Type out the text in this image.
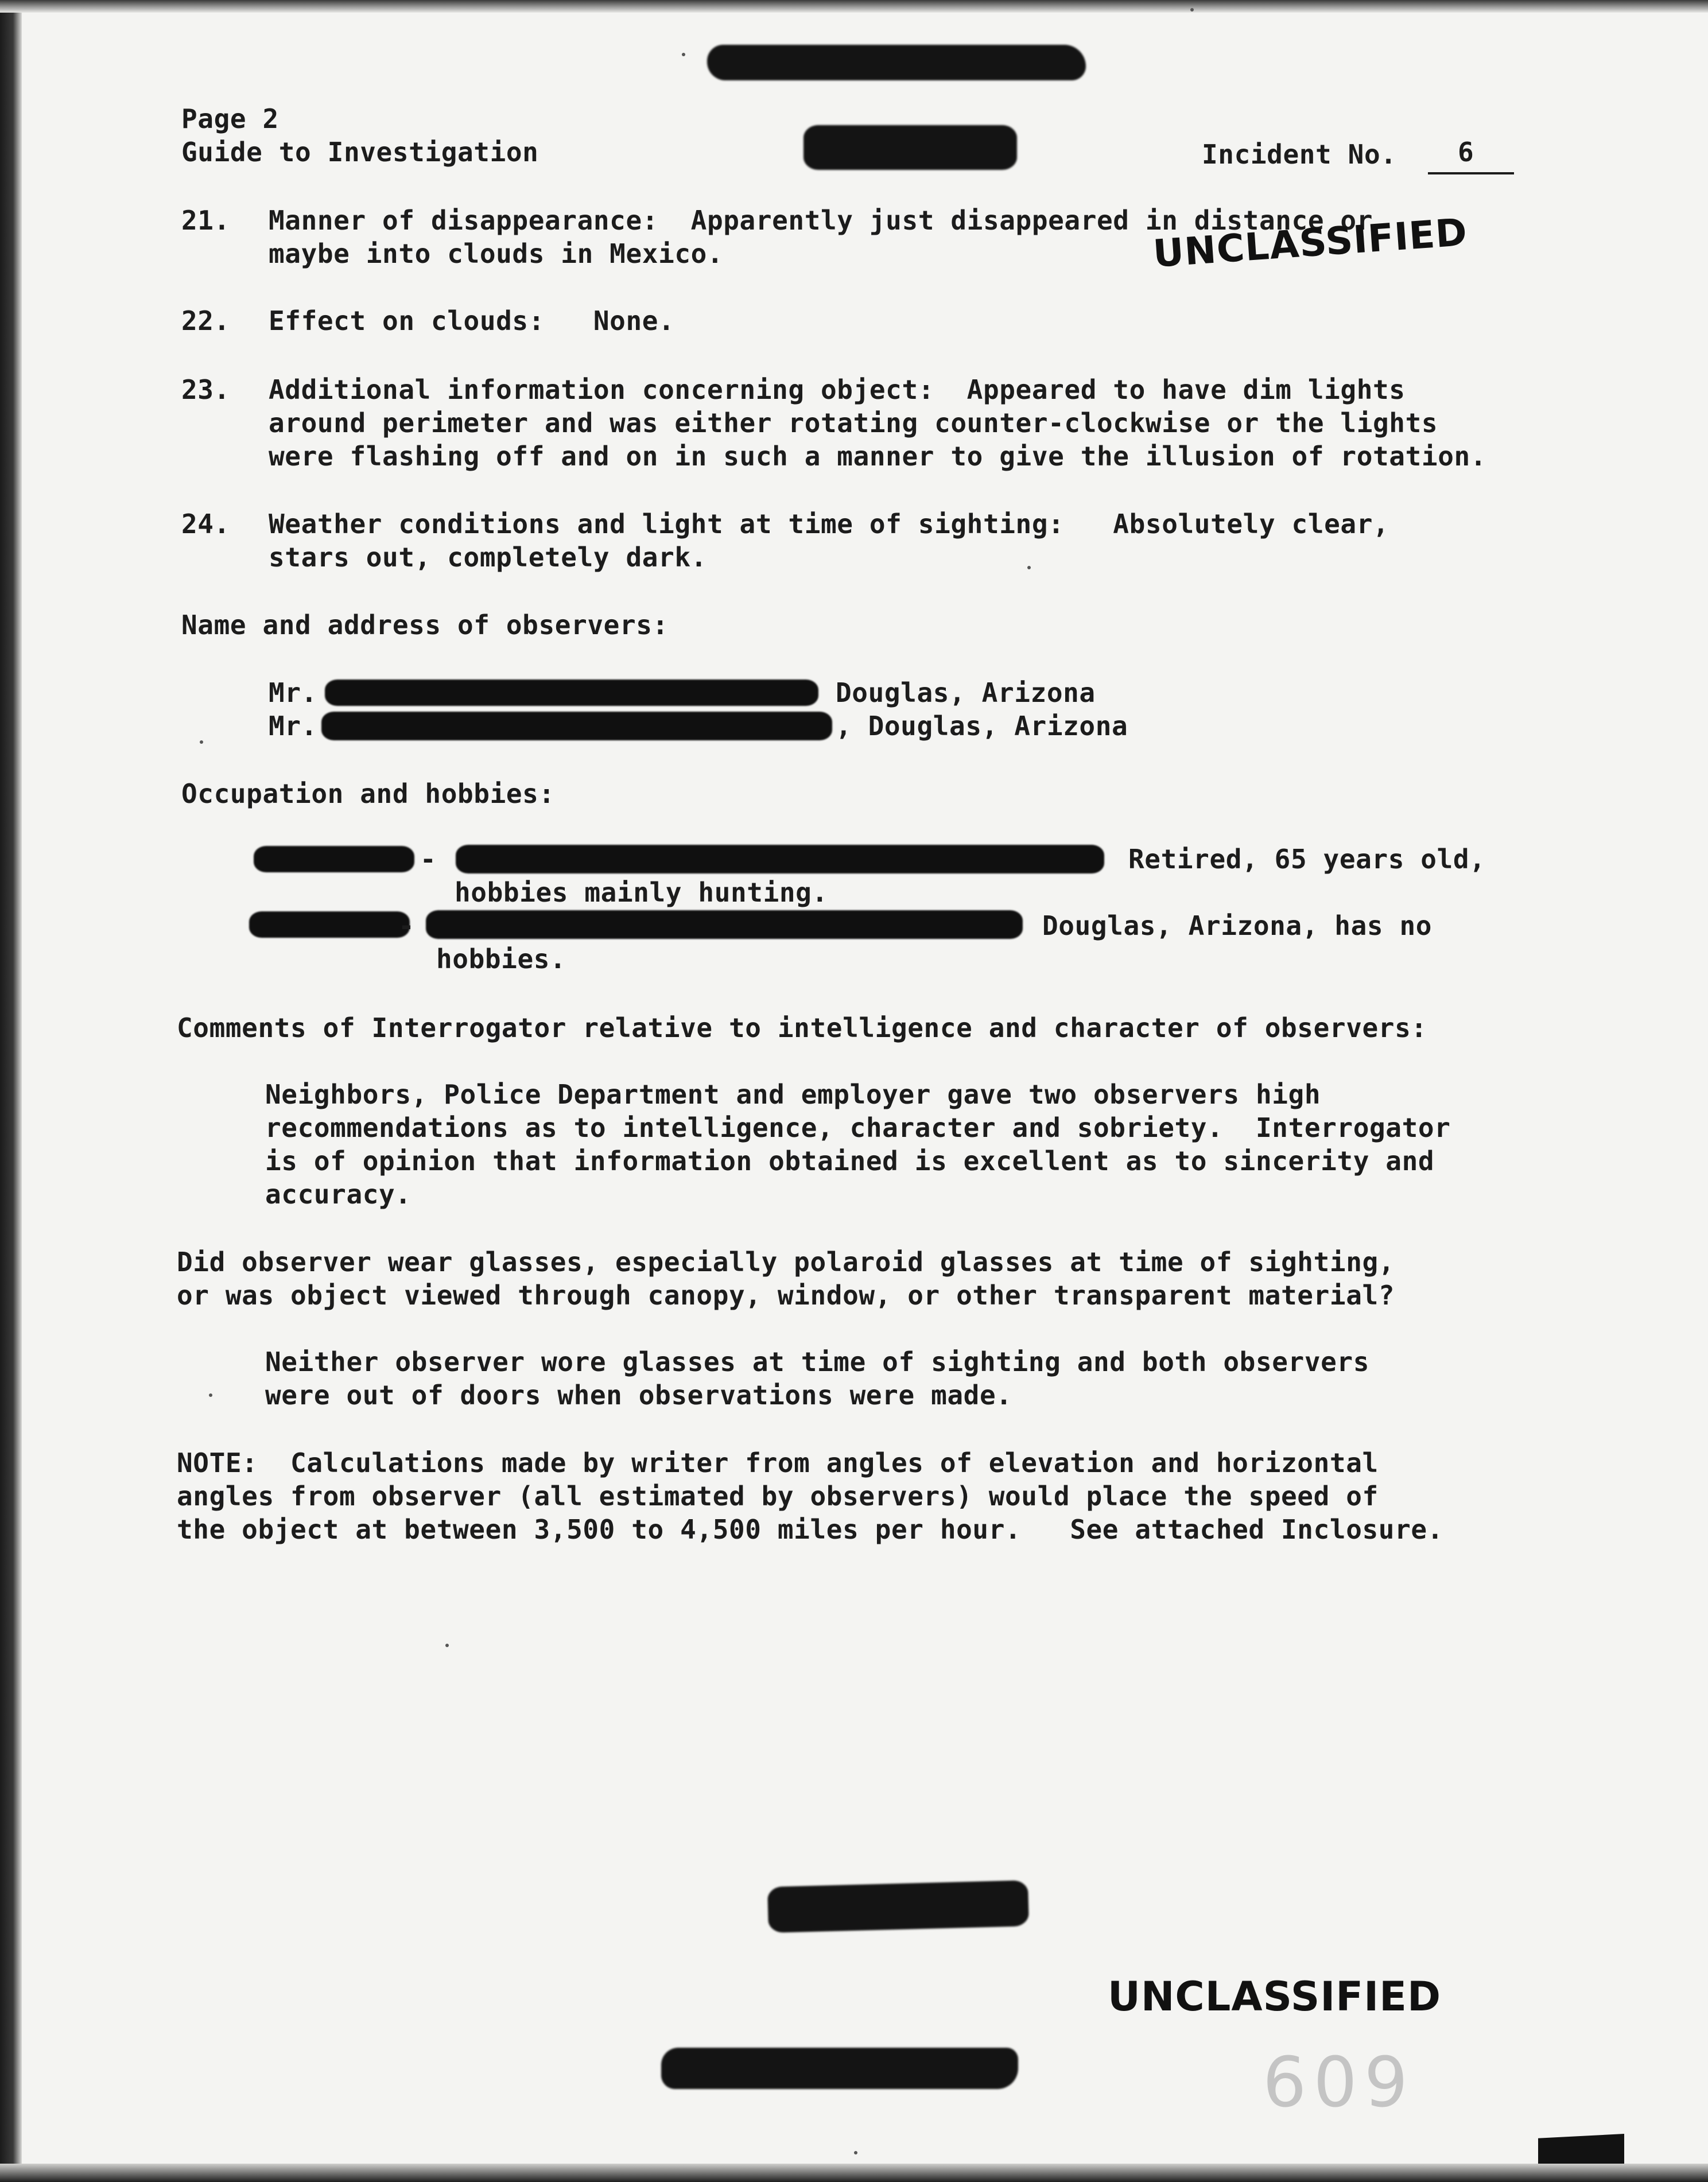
Page 2
Guide to Investigation	Incident No. 6
21. Manner of disappearance:  Apparently just disappeared in distance or
maybe into clouds in Mexico.	UNCLASSIFIED
22. Effect on clouds:   None.
23. Additional information concerning object:  Appeared to have dim lights
around perimeter and was either rotating counter-clockwise or the lights
were flashing off and on in such a manner to give the illusion of rotation.
24. Weather conditions and light at time of sighting:   Absolutely clear,
stars out, completely dark.
Name and address of observers:
Mr.	Douglas, Arizona
Mr.	, Douglas, Arizona
Occupation and hobbies:
-	Retired, 65 years old,
hobbies mainly hunting.
-	Douglas, Arizona, has no
hobbies.
Comments of Interrogator relative to intelligence and character of observers:
Neighbors, Police Department and employer gave two observers high
recommendations as to intelligence, character and sobriety.  Interrogator
is of opinion that information obtained is excellent as to sincerity and
accuracy.
Did observer wear glasses, especially polaroid glasses at time of sighting,
or was object viewed through canopy, window, or other transparent material?
Neither observer wore glasses at time of sighting and both observers
were out of doors when observations were made.
NOTE:  Calculations made by writer from angles of elevation and horizontal
angles from observer (all estimated by observers) would place the speed of
the object at between 3,500 to 4,500 miles per hour.   See attached Inclosure.
UNCLASSIFIED
609
